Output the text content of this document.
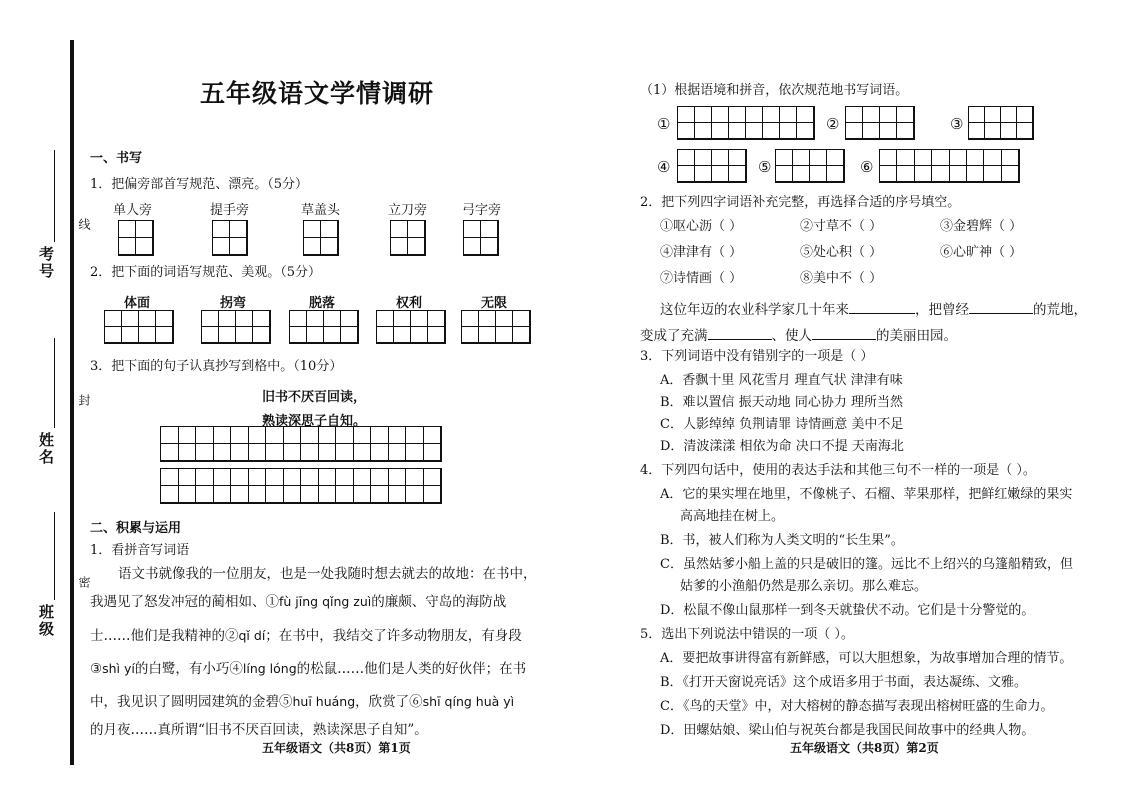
考号
线
姓名
封
班级
密
五年级语文学情调研
一、书写
1．把偏旁部首写规范、漂亮。（5分）
单人旁	提手旁	草盖头	立刀旁	弓字旁
2．把下面的词语写规范、美观。（5分）
体面	拐弯	脱落	权利	无限
3．把下面的句子认真抄写到格中。（10分）
旧书不厌百回读，
熟读深思子自知。
二、积累与运用
1．看拼音写词语
语文书就像我的一位朋友，也是一处我随时想去就去的故地：在书中，
我遇见了怒发冲冠的蔺相如、①fù jīng qǐng zuì的廉颇、守岛的海防战
士……他们是我精神的②qǐ dí；在书中，我结交了许多动物朋友，有身段
③shì yí的白鹭，有小巧④líng lóng的松鼠……他们是人类的好伙伴；在书
中，我见识了圆明园建筑的金碧⑤huī huáng，欣赏了⑥shī qíng huà yì
的月夜……真所谓“旧书不厌百回读，熟读深思子自知”。
五年级语文（共8页）第1页
（1）根据语境和拼音，依次规范地书写词语。
①	②	③
④	⑤	⑥
2．把下列四字词语补充完整，再选择合适的序号填空。
①呕心沥（ ）	②寸草不（ ）	③金碧辉（ ）
④津津有（ ）	⑤处心积（ ）	⑥心旷神（ ）
⑦诗情画（ ）	⑧美中不（ ）
这位年迈的农业科学家几十年来	，把曾经	的荒地，
变成了充满	、使人	的美丽田园。
3．下列词语中没有错别字的一项是（ ）
A．香飘十里 风花雪月 理直气状 津津有味
B．难以置信 振天动地 同心协力 理所当然
C．人影绰绰 负荆请罪 诗情画意 美中不足
D．清波漾漾 相依为命 决口不提 天南海北
4．下列四句话中，使用的表达手法和其他三句不一样的一项是（ ）。
A．它的果实埋在地里，不像桃子、石榴、苹果那样，把鲜红嫩绿的果实
高高地挂在树上。
B．书，被人们称为人类文明的“长生果”。
C．虽然姑爹小船上盖的只是破旧的篷。远比不上绍兴的乌篷船精致，但
姑爹的小渔船仍然是那么亲切。那么难忘。
D．松鼠不像山鼠那样一到冬天就蛰伏不动。它们是十分警觉的。
5．选出下列说法中错误的一项（ ）。
A．要把故事讲得富有新鲜感，可以大胆想象，为故事增加合理的情节。
B．《打开天窗说亮话》这个成语多用于书面，表达凝练、文雅。
C．《鸟的天堂》中，对大榕树的静态描写表现出榕树旺盛的生命力。
D．田螺姑娘、梁山伯与祝英台都是我国民间故事中的经典人物。
五年级语文（共8页）第2页
